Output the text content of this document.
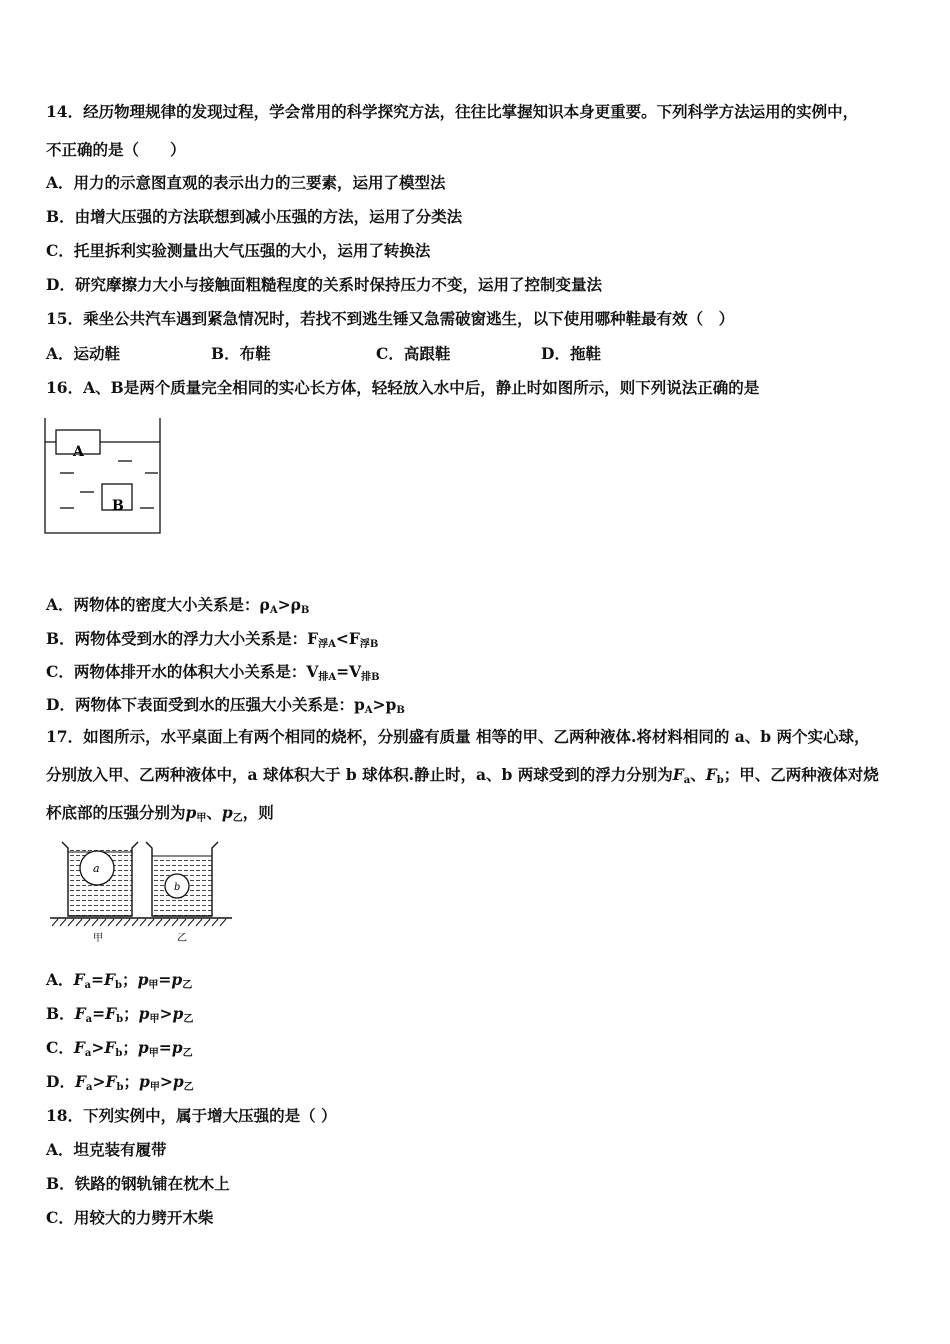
14．经历物理规律的发现过程，学会常用的科学探究方法，往往比掌握知识本身更重要。下列科学方法运用的实例中，
不正确的是（　　）
A．用力的示意图直观的表示出力的三要素，运用了模型法
B．由增大压强的方法联想到减小压强的方法，运用了分类法
C．托里拆利实验测量出大气压强的大小，运用了转换法
D．研究摩擦力大小与接触面粗糙程度的关系时保持压力不变，运用了控制变量法
15．乘坐公共汽车遇到紧急情况时，若找不到逃生锤又急需破窗逃生，以下使用哪种鞋最有效（　）
A．运动鞋	B．布鞋	C．高跟鞋	D．拖鞋
16．A、B是两个质量完全相同的实心长方体，轻轻放入水中后，静止时如图所示，则下列说法正确的是
A
B
A．两物体的密度大小关系是：$\rho_A>\rho_B$
B．两物体受到水的浮力大小关系是：$F_{浮A}<F_{浮B}$
C．两物体排开水的体积大小关系是：$V_{排A}=V_{排B}$
D．两物体下表面受到水的压强大小关系是：$p_A>p_B$
17．如图所示，水平桌面上有两个相同的烧杯，分别盛有质量 相等的甲、乙两种液体.将材料相同的 a、b 两个实心球，
分别放入甲、乙两种液体中，a 球体积大于 b 球体积.静止时，a、b 两球受到的浮力分别为$F_a$、$F_b$；甲、乙两种液体对烧
杯底部的压强分别为$p_甲$、$p_乙$，则
a
b
甲	乙
A．$F_a=F_b$；$p_甲=p_乙$
B．$F_a=F_b$；$p_甲>p_乙$
C．$F_a>F_b$；$p_甲=p_乙$
D．$F_a>F_b$；$p_甲>p_乙$
18．下列实例中，属于增大压强的是（ ）
A．坦克装有履带
B．铁路的钢轨铺在枕木上
C．用较大的力劈开木柴
